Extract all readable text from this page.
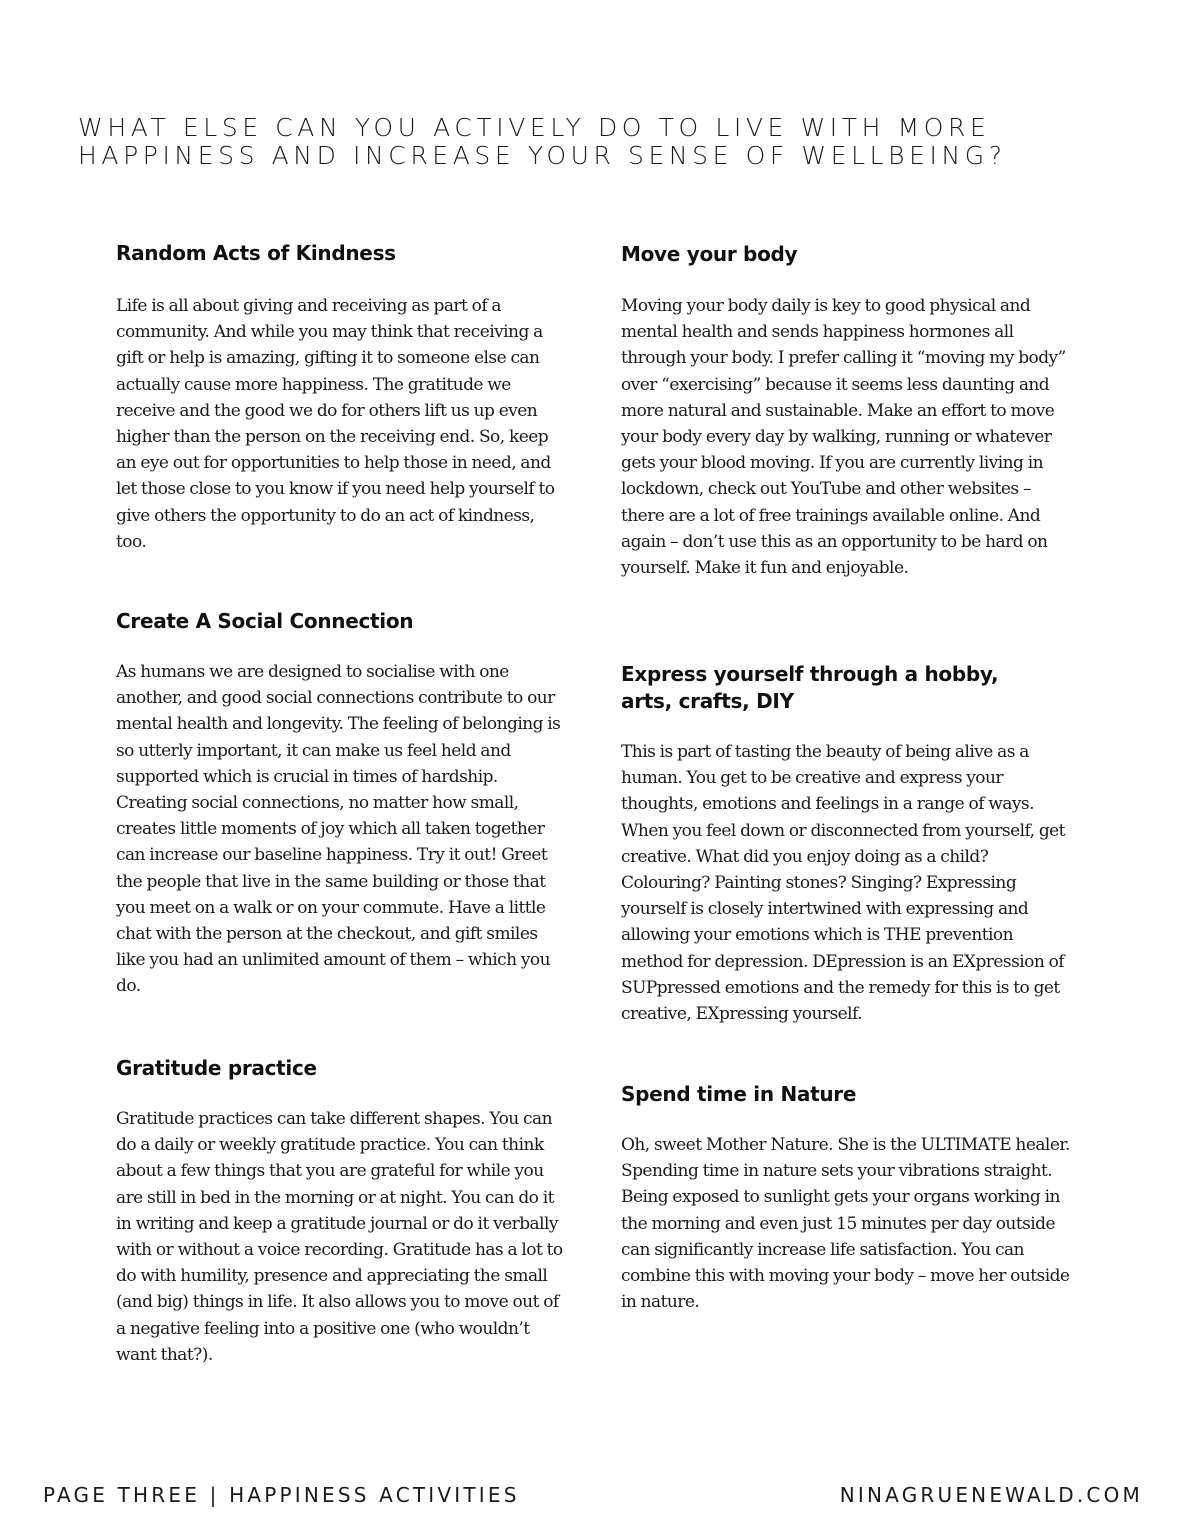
WHAT ELSE CAN YOU ACTIVELY DO TO LIVE WITH MORE
HAPPINESS AND INCREASE YOUR SENSE OF WELLBEING?
Random Acts of Kindness

Life is all about giving and receiving as part of a community. And while you may think that receiving a gift or help is amazing, gifting it to someone else can actually cause more happiness. The gratitude we receive and the good we do for others lift us up even higher than the person on the receiving end. So, keep an eye out for opportunities to help those in need, and let those close to you know if you need help yourself to give others the opportunity to do an act of kindness, too.

Create A Social Connection

As humans we are designed to socialise with one another, and good social connections contribute to our mental health and longevity. The feeling of belonging is so utterly important, it can make us feel held and supported which is crucial in times of hardship. Creating social connections, no matter how small, creates little moments of joy which all taken together can increase our baseline happiness. Try it out! Greet the people that live in the same building or those that you meet on a walk or on your commute. Have a little chat with the person at the checkout, and gift smiles like you had an unlimited amount of them – which you do.

Gratitude practice

Gratitude practices can take different shapes. You can do a daily or weekly gratitude practice. You can think about a few things that you are grateful for while you are still in bed in the morning or at night. You can do it in writing and keep a gratitude journal or do it verbally with or without a voice recording. Gratitude has a lot to do with humility, presence and appreciating the small (and big) things in life. It also allows you to move out of a negative feeling into a positive one (who wouldn’t want that?).

Move your body

Moving your body daily is key to good physical and mental health and sends happiness hormones all through your body. I prefer calling it “moving my body” over “exercising” because it seems less daunting and more natural and sustainable. Make an effort to move your body every day by walking, running or whatever gets your blood moving. If you are currently living in lockdown, check out YouTube and other websites – there are a lot of free trainings available online. And again – don’t use this as an opportunity to be hard on yourself. Make it fun and enjoyable.

Express yourself through a hobby, arts, crafts, DIY

This is part of tasting the beauty of being alive as a human. You get to be creative and express your thoughts, emotions and feelings in a range of ways. When you feel down or disconnected from yourself, get creative. What did you enjoy doing as a child? Colouring? Painting stones? Singing? Expressing yourself is closely intertwined with expressing and allowing your emotions which is THE prevention method for depression. DEpression is an EXpression of SUPpressed emotions and the remedy for this is to get creative, EXpressing yourself.

Spend time in Nature

Oh, sweet Mother Nature. She is the ULTIMATE healer. Spending time in nature sets your vibrations straight. Being exposed to sunlight gets your organs working in the morning and even just 15 minutes per day outside can significantly increase life satisfaction. You can combine this with moving your body – move her outside in nature.

PAGE THREE | HAPPINESS ACTIVITIES	NINAGRUENEWALD.COM
